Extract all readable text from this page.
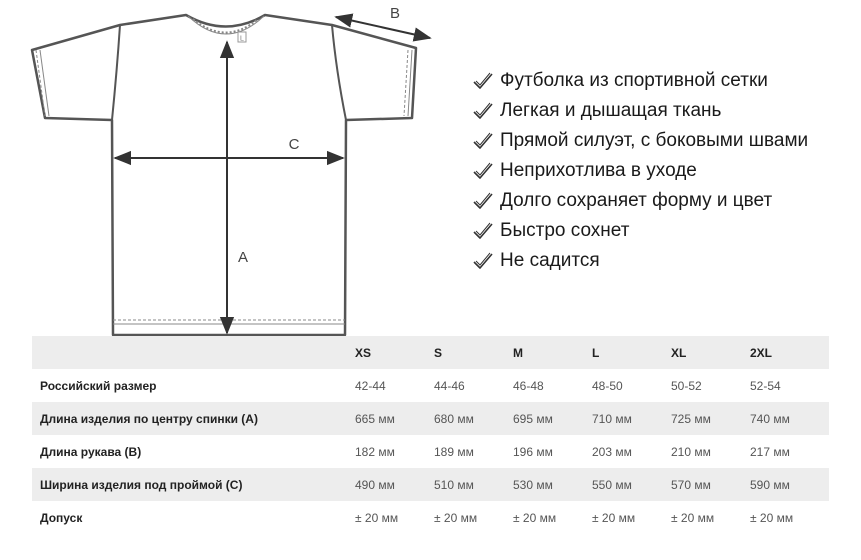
L
A
C
B
Футболка из спортивной сетки
Легкая и дышащая ткань
Прямой силуэт, с боковыми швами
Неприхотлива в уходе
Долго сохраняет форму и цвет
Быстро сохнет
Не садится
	XS	S	M	L	XL	2XL
Российский размер	42-44	44-46	46-48	48-50	50-52	52-54
Длина изделия по центру спинки (А)	665 мм	680 мм	695 мм	710 мм	725 мм	740 мм
Длина рукава (B)	182 мм	189 мм	196 мм	203 мм	210 мм	217 мм
Ширина изделия под проймой (C)	490 мм	510 мм	530 мм	550 мм	570 мм	590 мм
Допуск	± 20 мм	± 20 мм	± 20 мм	± 20 мм	± 20 мм	± 20 мм
